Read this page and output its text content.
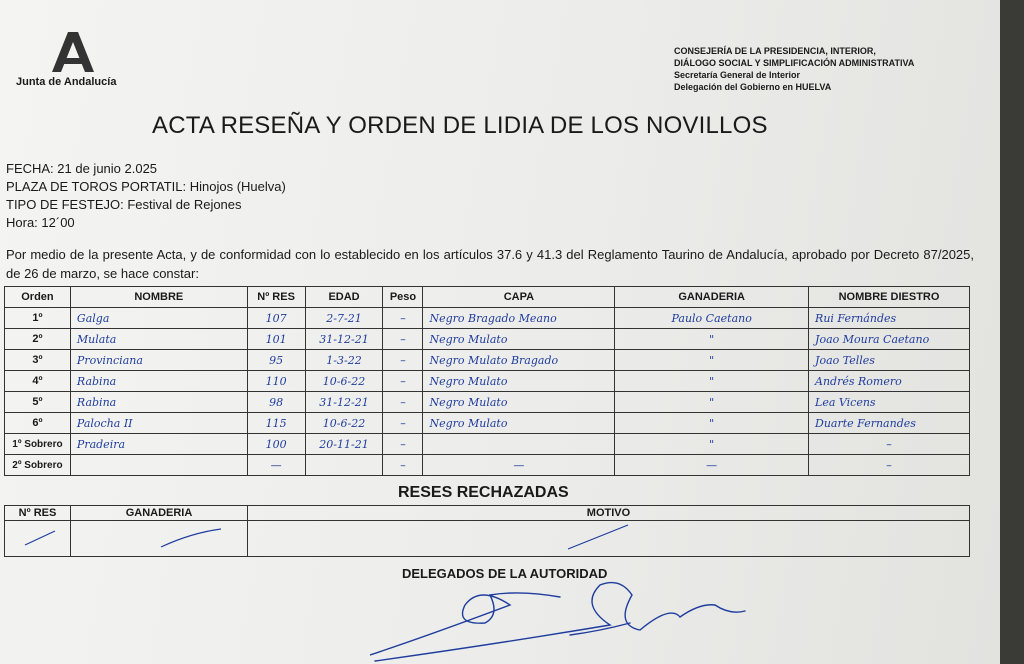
Junta de Andalucía
CONSEJERÍA DE LA PRESIDENCIA, INTERIOR,
DIÁLOGO SOCIAL Y SIMPLIFICACIÓN ADMINISTRATIVA
Secretaría General de Interior
Delegación del Gobierno en HUELVA
ACTA RESEÑA Y ORDEN DE LIDIA DE LOS NOVILLOS
FECHA: 21 de junio 2.025
PLAZA DE TOROS PORTATIL: Hinojos (Huelva)
TIPO DE FESTEJO: Festival de Rejones
Hora: 12´00
Por medio de la presente Acta, y de conformidad con lo establecido en los artículos 37.6 y 41.3 del Reglamento Taurino de Andalucía, aprobado por Decreto 87/2025, de 26 de marzo, se hace constar:
Orden	NOMBRE	Nº RES	EDAD	Peso	CAPA	GANADERIA	NOMBRE DIESTRO
1º	Galga	107	2-7-21	–	Negro Bragado Meano	Paulo Caetano	Rui Fernándes
2º	Mulata	101	31-12-21	–	Negro Mulato	"	Joao Moura Caetano
3º	Provinciana	95	1-3-22	–	Negro Mulato Bragado	"	Joao Telles
4º	Rabina	110	10-6-22	–	Negro Mulato	"	Andrés Romero
5º	Rabina	98	31-12-21	–	Negro Mulato	"	Lea Vicens
6º	Palocha II	115	10-6-22	–	Negro Mulato	"	Duarte Fernandes
1º Sobrero	Pradeira	100	20-11-21	–		"	–
2º Sobrero		—		–	—	—	–
RESES RECHAZADAS
Nº RES	GANADERIA	MOTIVO

DELEGADOS DE LA AUTORIDAD
